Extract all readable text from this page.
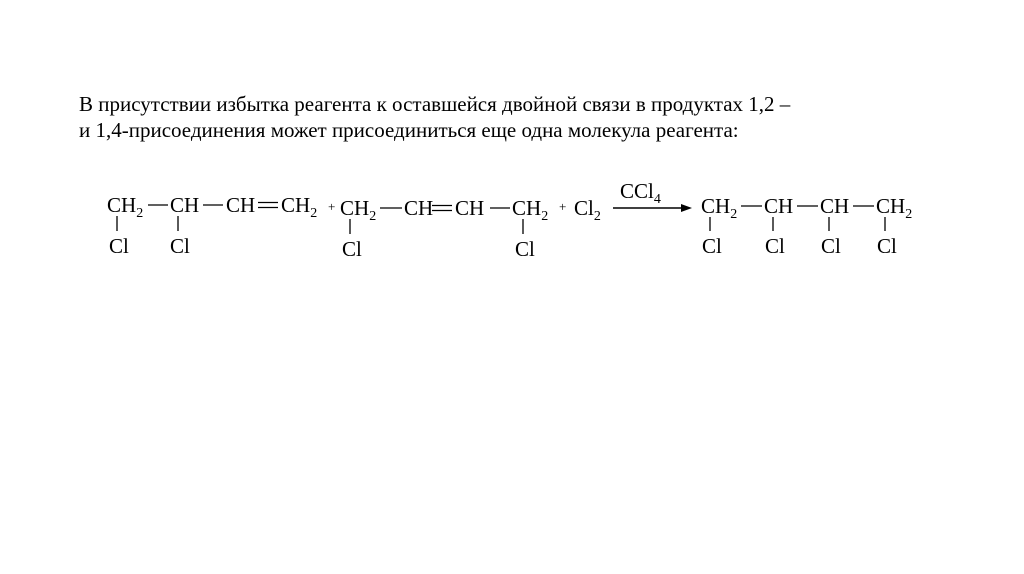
В присутствии избытка реагента к оставшейся двойной связи в продуктах 1,2 –
и 1,4-присоединения может присоединиться еще одна молекула реагента:
$CH_2$ CH CH $CH_2$
Cl Cl
+ $CH_2$ CH CH $CH_2$
Cl	Cl
+ $Cl_2$
CCl$_4$ $CH_2$ CH CH $CH_2$
Cl Cl Cl Cl
